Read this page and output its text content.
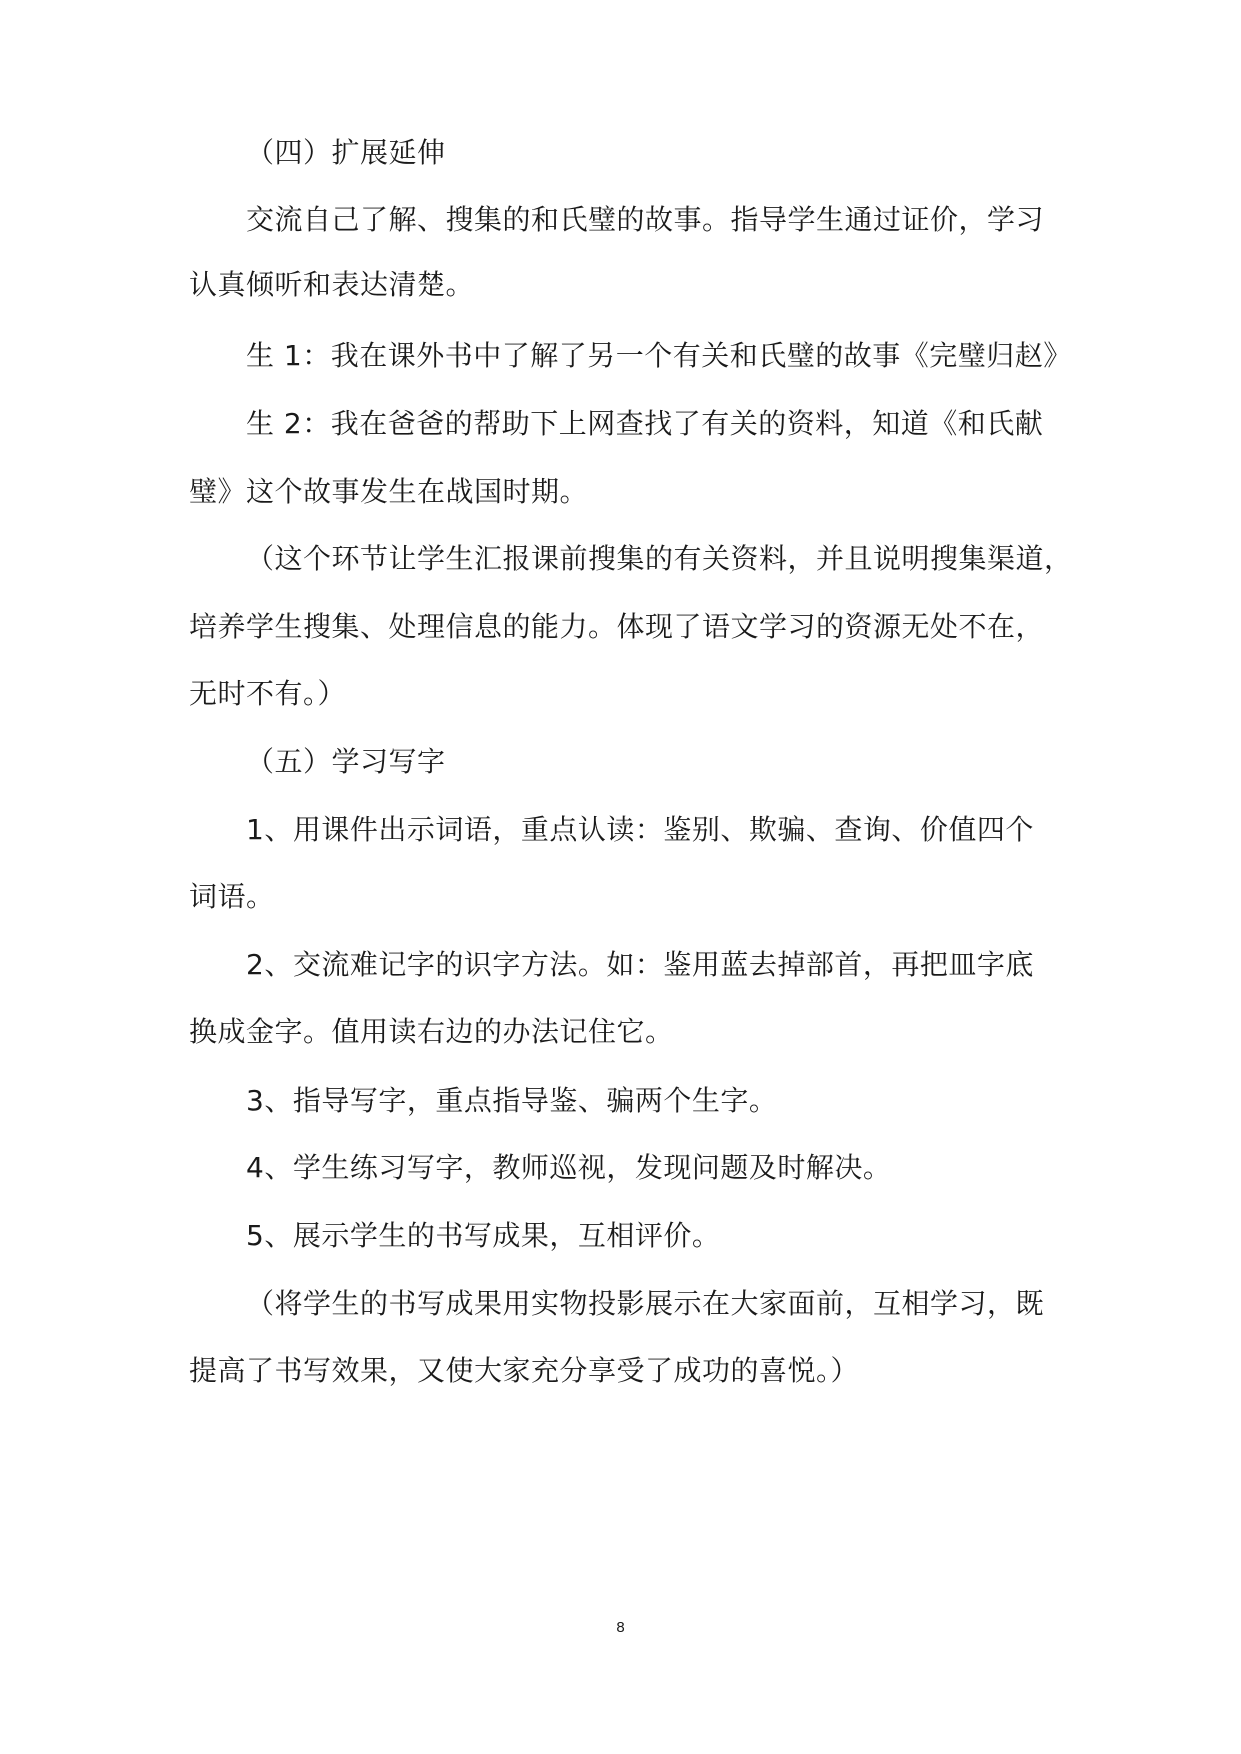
（四）扩展延伸
交流自己了解、搜集的和氏璧的故事。指导学生通过证价，学习
认真倾听和表达清楚。
生 1：我在课外书中了解了另一个有关和氏璧的故事《完璧归赵》
生 2：我在爸爸的帮助下上网查找了有关的资料，知道《和氏献
璧》这个故事发生在战国时期。
（这个环节让学生汇报课前搜集的有关资料，并且说明搜集渠道，
培养学生搜集、处理信息的能力。体现了语文学习的资源无处不在，
无时不有。）
（五）学习写字
1、用课件出示词语，重点认读：鉴别、欺骗、查询、价值四个
词语。
2、交流难记字的识字方法。如：鉴用蓝去掉部首，再把皿字底
换成金字。值用读右边的办法记住它。
3、指导写字，重点指导鉴、骗两个生字。
4、学生练习写字，教师巡视，发现问题及时解决。
5、展示学生的书写成果，互相评价。
（将学生的书写成果用实物投影展示在大家面前，互相学习，既
提高了书写效果，又使大家充分享受了成功的喜悦。）
8
